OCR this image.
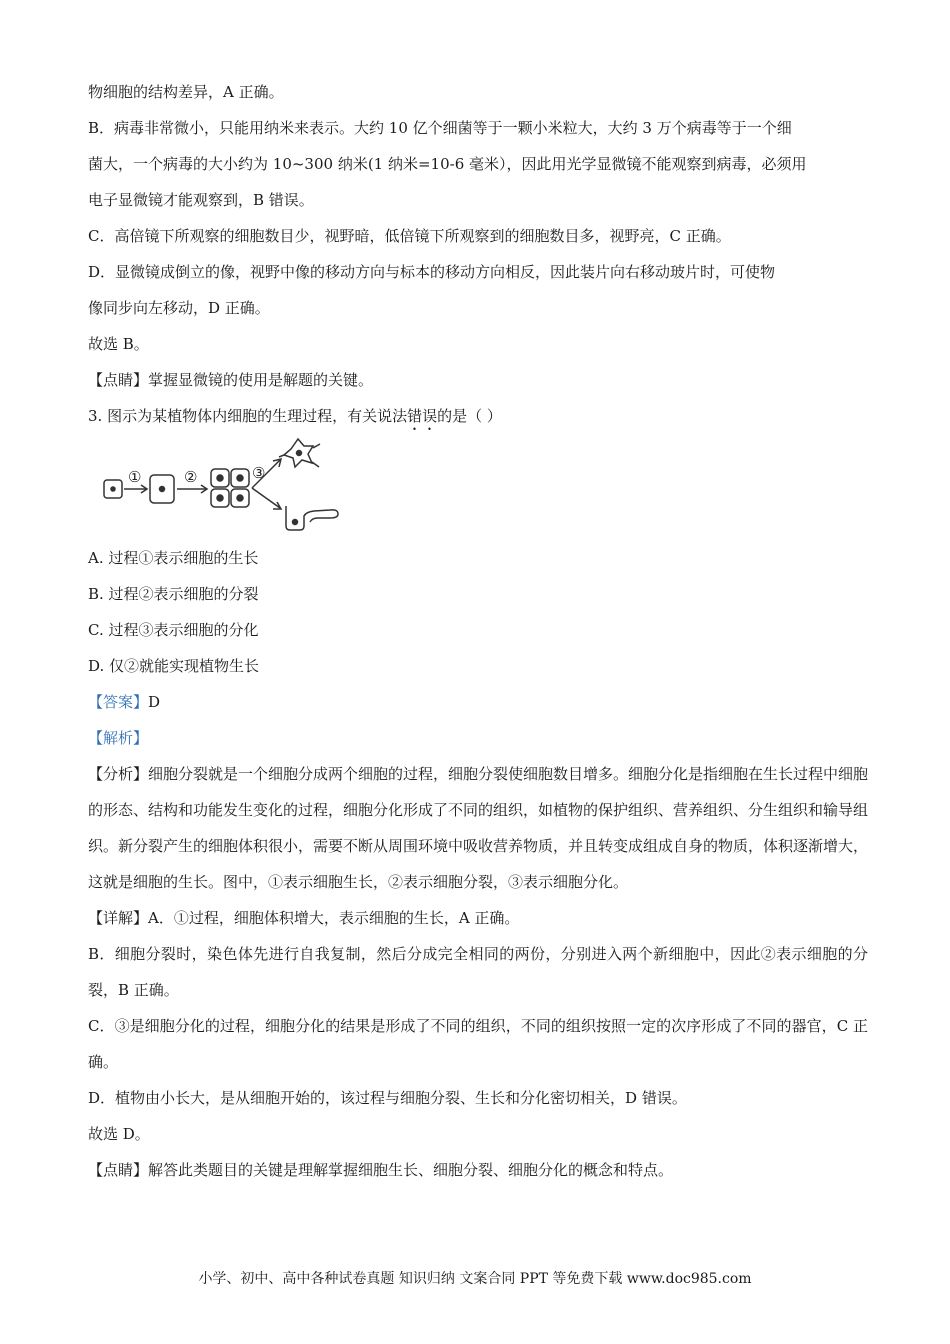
物细胞的结构差异，A 正确。

B．病毒非常微小，只能用纳米来表示。大约 10 亿个细菌等于一颗小米粒大，大约 3 万个病毒等于一个细

菌大，一个病毒的大小约为 10~300 纳米(1 纳米=10-6 毫米），因此用光学显微镜不能观察到病毒，必须用

电子显微镜才能观察到，B 错误。

C．高倍镜下所观察的细胞数目少，视野暗，低倍镜下所观察到的细胞数目多，视野亮，C 正确。

D．显微镜成倒立的像，视野中像的移动方向与标本的移动方向相反，因此装片向右移动玻片时，可使物

像同步向左移动，D 正确。

故选 B。

【点睛】掌握显微镜的使用是解题的关键。

3. 图示为某植物体内细胞的生理过程，有关说法错误的是（ ）

①	②	③

A. 过程①表示细胞的生长

B. 过程②表示细胞的分裂

C. 过程③表示细胞的分化

D. 仅②就能实现植物生长

【答案】D

【解析】

【分析】细胞分裂就是一个细胞分成两个细胞的过程，细胞分裂使细胞数目增多。细胞分化是指细胞在生长过程中细胞的形态、结构和功能发生变化的过程，细胞分化形成了不同的组织，如植物的保护组织、营养组织、分生组织和输导组织。新分裂产生的细胞体积很小，需要不断从周围环境中吸收营养物质，并且转变成组成自身的物质，体积逐渐增大，这就是细胞的生长。图中，①表示细胞生长，②表示细胞分裂，③表示细胞分化。

【详解】A．①过程，细胞体积增大，表示细胞的生长，A 正确。

B．细胞分裂时，染色体先进行自我复制，然后分成完全相同的两份，分别进入两个新细胞中，因此②表示细胞的分裂，B 正确。

C．③是细胞分化的过程，细胞分化的结果是形成了不同的组织，不同的组织按照一定的次序形成了不同的器官，C 正确。

D．植物由小长大，是从细胞开始的，该过程与细胞分裂、生长和分化密切相关，D 错误。

故选 D。

【点睛】解答此类题目的关键是理解掌握细胞生长、细胞分裂、细胞分化的概念和特点。

小学、初中、高中各种试卷真题 知识归纳 文案合同 PPT 等免费下载 www.doc985.com
